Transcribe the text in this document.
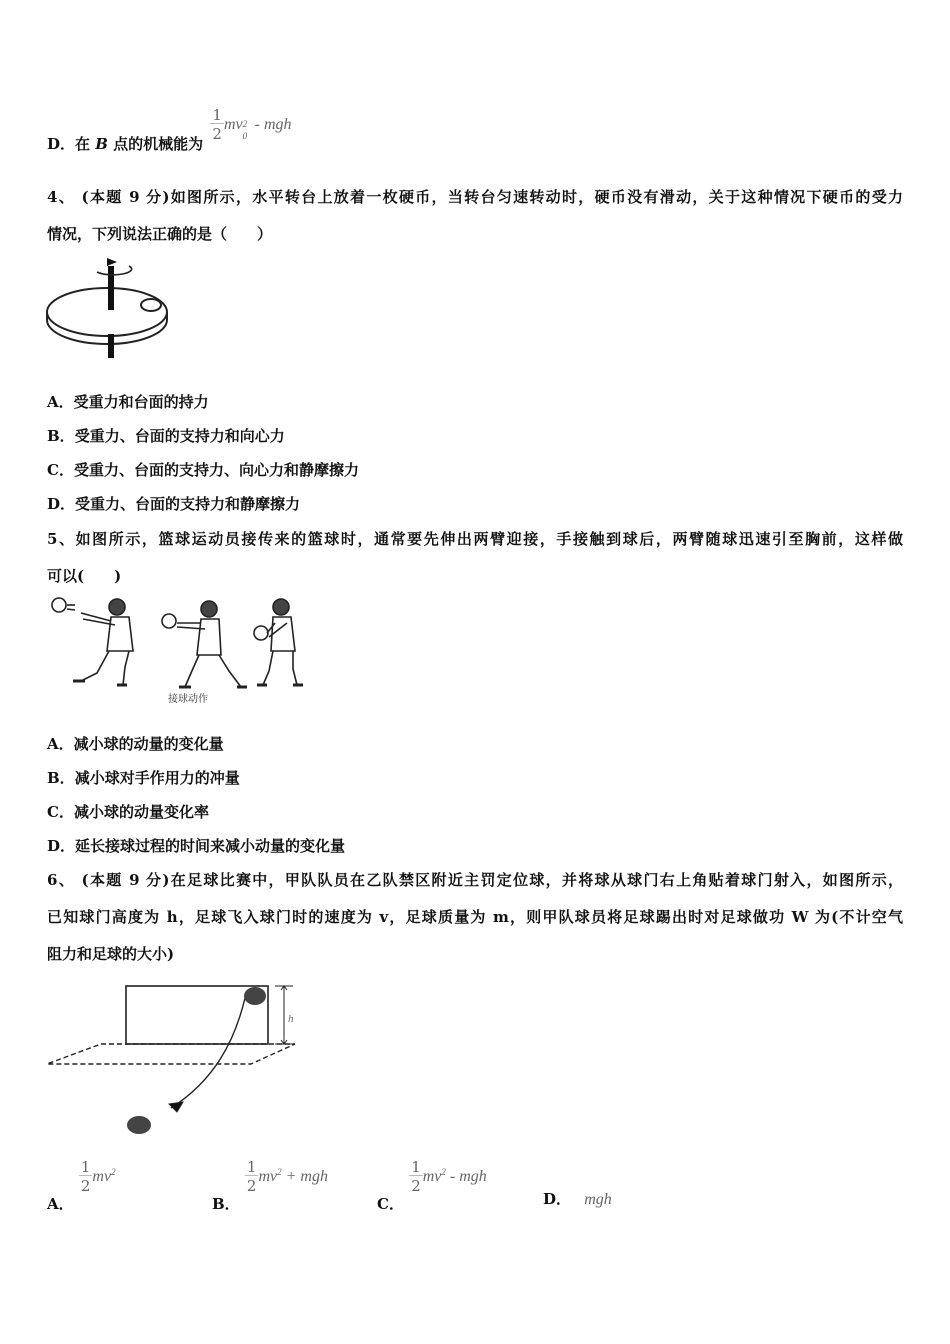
D．在 B 点的机械能为
$\frac{1}{2}$ mv 2
0
- mgh
4、 (本题 9 分)如图所示，水平转台上放着一枚硬币，当转台匀速转动时，硬币没有滑动，关于这种情况下硬币的受力
情况，下列说法正确的是（　　）
A．受重力和台面的持力
B．受重力、台面的支持力和向心力
C．受重力、台面的支持力、向心力和静摩擦力
D．受重力、台面的支持力和静摩擦力
5、如图所示，篮球运动员接传来的篮球时，通常要先伸出两臂迎接，手接触到球后，两臂随球迅速引至胸前，这样做
可以(　　)
接球动作
A．减小球的动量的变化量
B．减小球对手作用力的冲量
C．减小球的动量变化率
D．延长接球过程的时间来减小动量的变化量
6、 (本题 9 分)在足球比赛中，甲队队员在乙队禁区附近主罚定位球，并将球从球门右上角贴着球门射入，如图所示，
已知球门高度为 h，足球飞入球门时的速度为 v，足球质量为 m，则甲队球员将足球踢出时对足球做功 W 为(不计空气
阻力和足球的大小)
h
A．
$\frac{1}{2} mv^2$
B．
$\frac{1}{2} mv^2$ + mgh
C．
$\frac{1}{2} mv^2$ - mgh
D． mgh
